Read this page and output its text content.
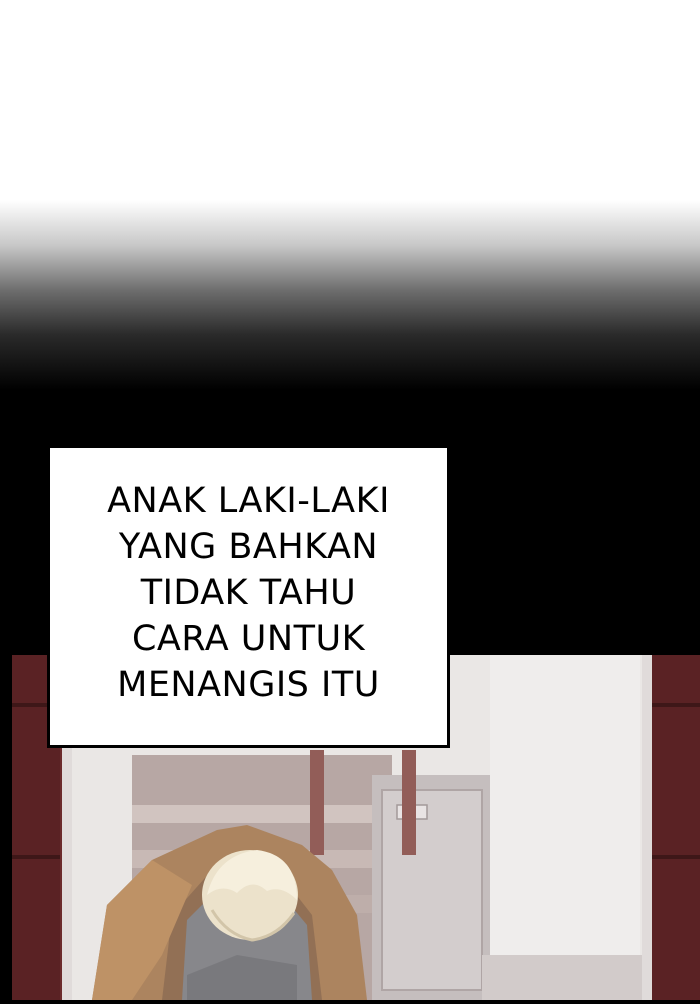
ANAK LAKI-LAKI
YANG BAHKAN
TIDAK TAHU
CARA UNTUK
MENANGIS ITU
